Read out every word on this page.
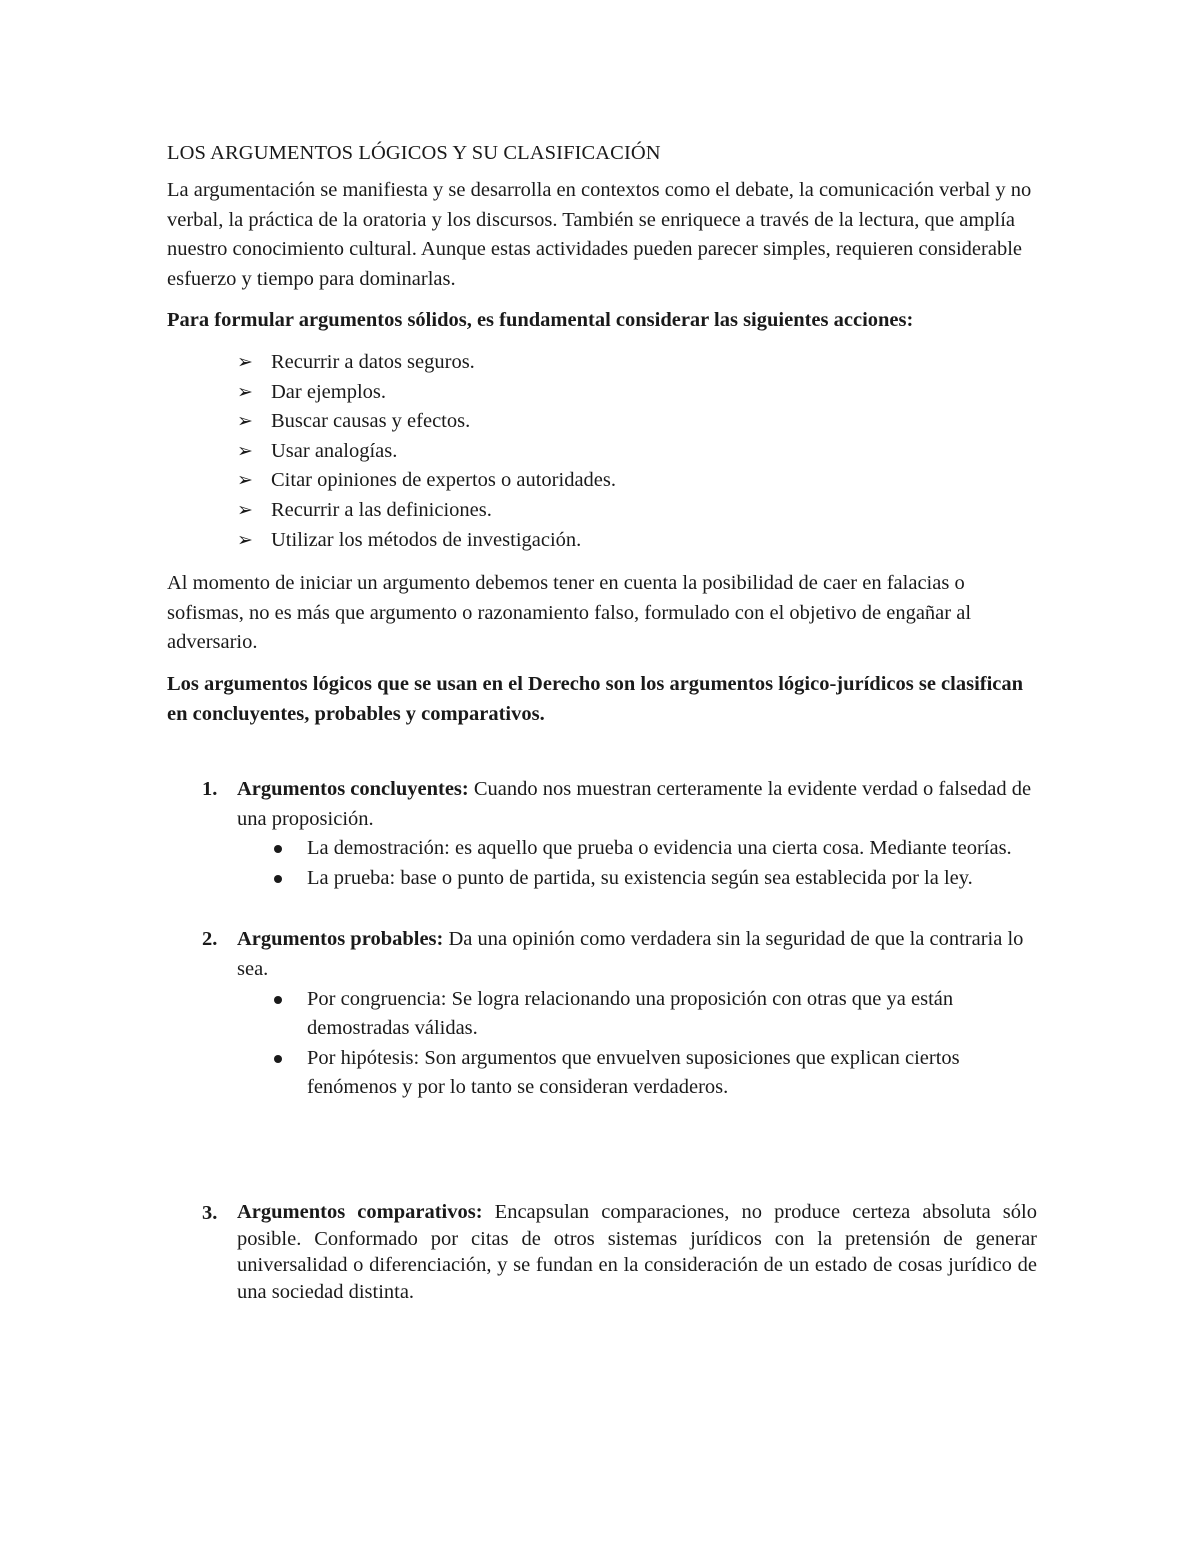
LOS ARGUMENTOS LÓGICOS Y SU CLASIFICACIÓN

La argumentación se manifiesta y se desarrolla en contextos como el debate, la comunicación verbal y no verbal, la práctica de la oratoria y los discursos. También se enriquece a través de la lectura, que amplía nuestro conocimiento cultural. Aunque estas actividades pueden parecer simples, requieren considerable esfuerzo y tiempo para dominarlas.

Para formular argumentos sólidos, es fundamental considerar las siguientes acciones:

➢ Recurrir a datos seguros.
➢ Dar ejemplos.
➢ Buscar causas y efectos.
➢ Usar analogías.
➢ Citar opiniones de expertos o autoridades.
➢ Recurrir a las definiciones.
➢ Utilizar los métodos de investigación.

Al momento de iniciar un argumento debemos tener en cuenta la posibilidad de caer en falacias o sofismas, no es más que argumento o razonamiento falso, formulado con el objetivo de engañar al adversario.

Los argumentos lógicos que se usan en el Derecho son los argumentos lógico-jurídicos se clasifican en concluyentes, probables y comparativos.

1. Argumentos concluyentes: Cuando nos muestran certeramente la evidente verdad o falsedad de una proposición.

La demostración: es aquello que prueba o evidencia una cierta cosa. Mediante teorías.
La prueba: base o punto de partida, su existencia según sea establecida por la ley.
2. Argumentos probables: Da una opinión como verdadera sin la seguridad de que la contraria lo sea.

Por congruencia: Se logra relacionando una proposición con otras que ya están demostradas válidas.
Por hipótesis: Son argumentos que envuelven suposiciones que explican ciertos fenómenos y por lo tanto se consideran verdaderos.
3. Argumentos comparativos: Encapsulan comparaciones, no produce certeza absoluta sólo posible. Conformado por citas de otros sistemas jurídicos con la pretensión de generar universalidad o diferenciación, y se fundan en la consideración de un estado de cosas jurídico de una sociedad distinta.
